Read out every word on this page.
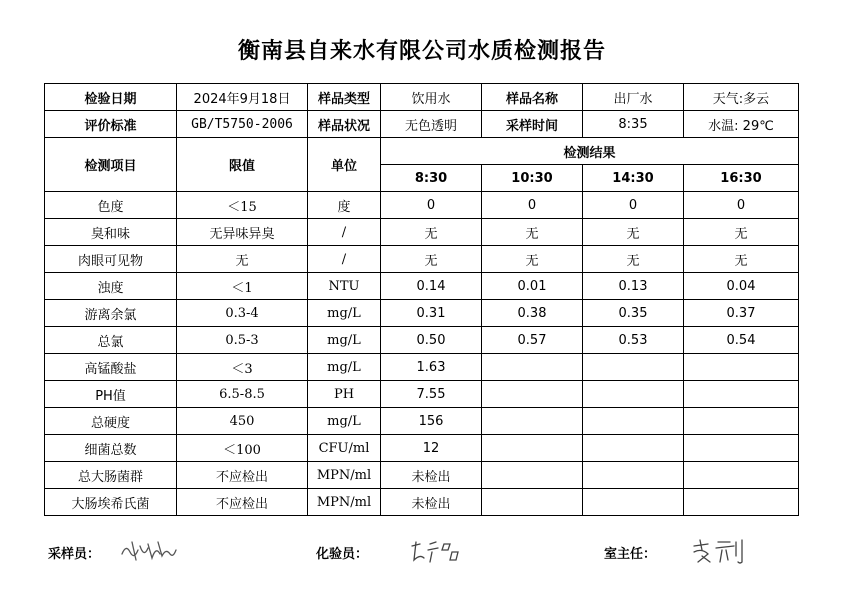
衡南县自来水有限公司水质检测报告
检验日期	2024年9月18日	样品类型	饮用水	样品名称	出厂水	天气:多云
评价标准	GB/T5750-2006	样品状况	无色透明	采样时间	8:35	水温: 29℃
检测项目	限值	单位	检测结果			
			8:30	10:30	14:30	16:30
色度	＜15	度	0	0	0	0
臭和味	无异味异臭	/	无	无	无	无
肉眼可见物	无	/	无	无	无	无
浊度	＜1	NTU	0.14	0.01	0.13	0.04
游离余氯	0.3-4	mg/L	0.31	0.38	0.35	0.37
总氯	0.5-3	mg/L	0.50	0.57	0.53	0.54
高锰酸盐	＜3	mg/L	1.63			
PH值	6.5-8.5	PH	7.55			
总硬度	450	mg/L	156			
细菌总数	＜100	CFU/ml	12			
总大肠菌群	不应检出	MPN/ml	未检出			
大肠埃希氏菌	不应检出	MPN/ml	未检出			
采样员：	化验员：	室主任：
